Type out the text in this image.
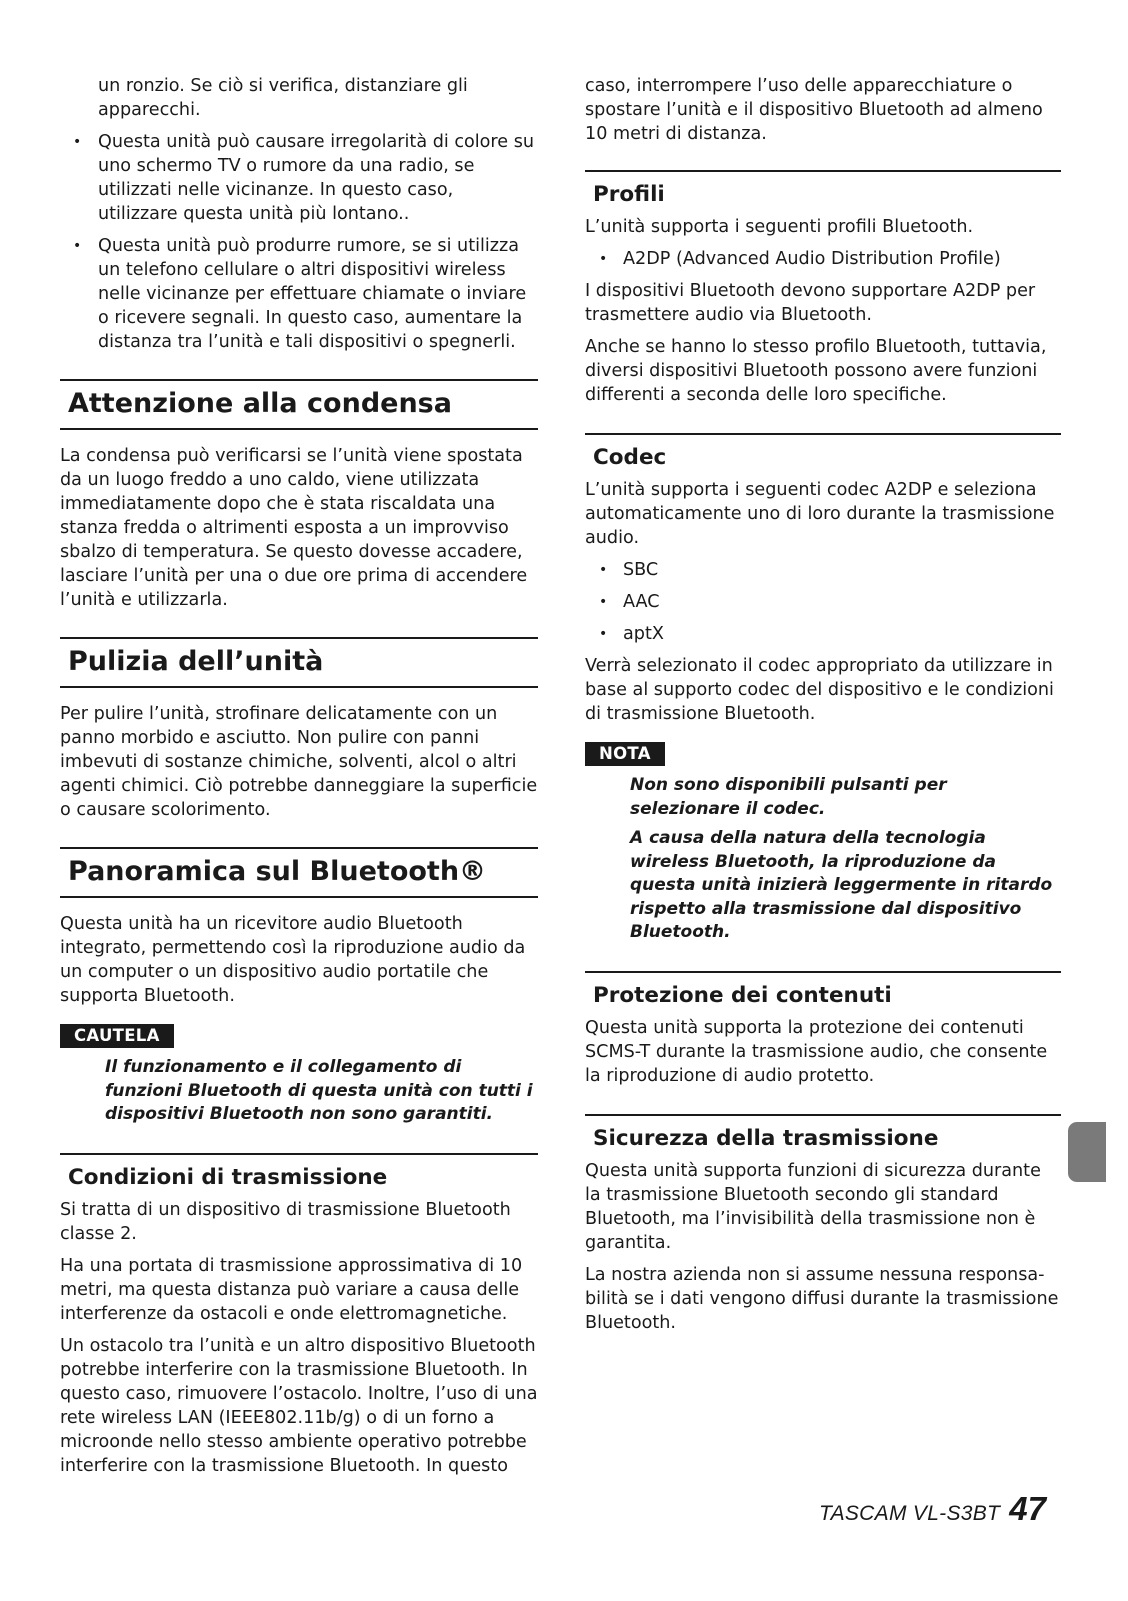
un ronzio. Se ciò si verifica, distanziare gli apparecchi.

• Questa unità può causare irregolarità di colore su uno schermo TV o rumore da una radio, se utilizzati nelle vicinanze. In questo caso, utilizzare questa unità più lontano..
• Questa unità può produrre rumore, se si utilizza un telefono cellulare o altri dispositivi wireless nelle vicinanze per effettuare chiamate o inviare o ricevere segnali. In questo caso, aumentare la distanza tra l’unità e tali dispositivi o spegnerli.
Attenzione alla condensa

La condensa può verificarsi se l’unità viene spostata da un luogo freddo a uno caldo, viene utilizzata immediatamente dopo che è stata riscaldata una stanza fredda o altrimenti esposta a un improvviso sbalzo di temperatura. Se questo dovesse accadere, lasciare l’unità per una o due ore prima di accendere l’unità e utilizzarla.

Pulizia dell’unità

Per pulire l’unità, strofinare delicatamente con un panno morbido e asciutto. Non pulire con panni imbevuti di sostanze chimiche, solventi, alcol o altri agenti chimici. Ciò potrebbe danneggiare la superficie o causare scolorimento.

Panoramica sul Bluetooth®

Questa unità ha un ricevitore audio Bluetooth integrato, permettendo così la riproduzione audio da un computer o un dispositivo audio portatile che supporta Bluetooth.

CAUTELA

Il funzionamento e il collegamento di funzioni Bluetooth di questa unità con tutti i dispositivi Bluetooth non sono garantiti.

Condizioni di trasmissione

Si tratta di un dispositivo di trasmissione Bluetooth classe 2.

Ha una portata di trasmissione approssimativa di 10 metri, ma questa distanza può variare a causa delle interferenze da ostacoli e onde elettromagnetiche.

Un ostacolo tra l’unità e un altro dispositivo Bluetooth potrebbe interferire con la trasmissione Bluetooth. In questo caso, rimuovere l’ostacolo. Inoltre, l’uso di una rete wireless LAN (IEEE802.11b/g) o di un forno a microonde nello stesso ambiente operativo potrebbe interferire con la trasmissione Bluetooth. In questo

caso, interrompere l’uso delle apparecchiature o spostare l’unità e il dispositivo Bluetooth ad almeno 10 metri di distanza.

Profili

L’unità supporta i seguenti profili Bluetooth.

• A2DP (Advanced Audio Distribution Profile)

I dispositivi Bluetooth devono supportare A2DP per trasmettere audio via Bluetooth.

Anche se hanno lo stesso profilo Bluetooth, tuttavia, diversi dispositivi Bluetooth possono avere funzioni differenti a seconda delle loro specifiche.

Codec

L’unità supporta i seguenti codec A2DP e seleziona automaticamente uno di loro durante la trasmissione audio.

• SBC
• AAC
• aptX

Verrà selezionato il codec appropriato da utilizzare in base al supporto codec del dispositivo e le condizioni di trasmissione Bluetooth.

NOTA

Non sono disponibili pulsanti per selezionare il codec.

A causa della natura della tecnologia wireless Bluetooth, la riproduzione da questa unità inizierà leggermente in ritardo rispetto alla trasmissione dal dispositivo Bluetooth.

Protezione dei contenuti

Questa unità supporta la protezione dei contenuti SCMS-T durante la trasmissione audio, che consente la riproduzione di audio protetto.

Sicurezza della trasmissione

Questa unità supporta funzioni di sicurezza durante la trasmissione Bluetooth secondo gli standard Bluetooth, ma l’invisibilità della trasmissione non è garantita.

La nostra azienda non si assume nessuna responsabilità se i dati vengono diffusi durante la trasmissione Bluetooth.

TASCAM VL-S3BT 47
